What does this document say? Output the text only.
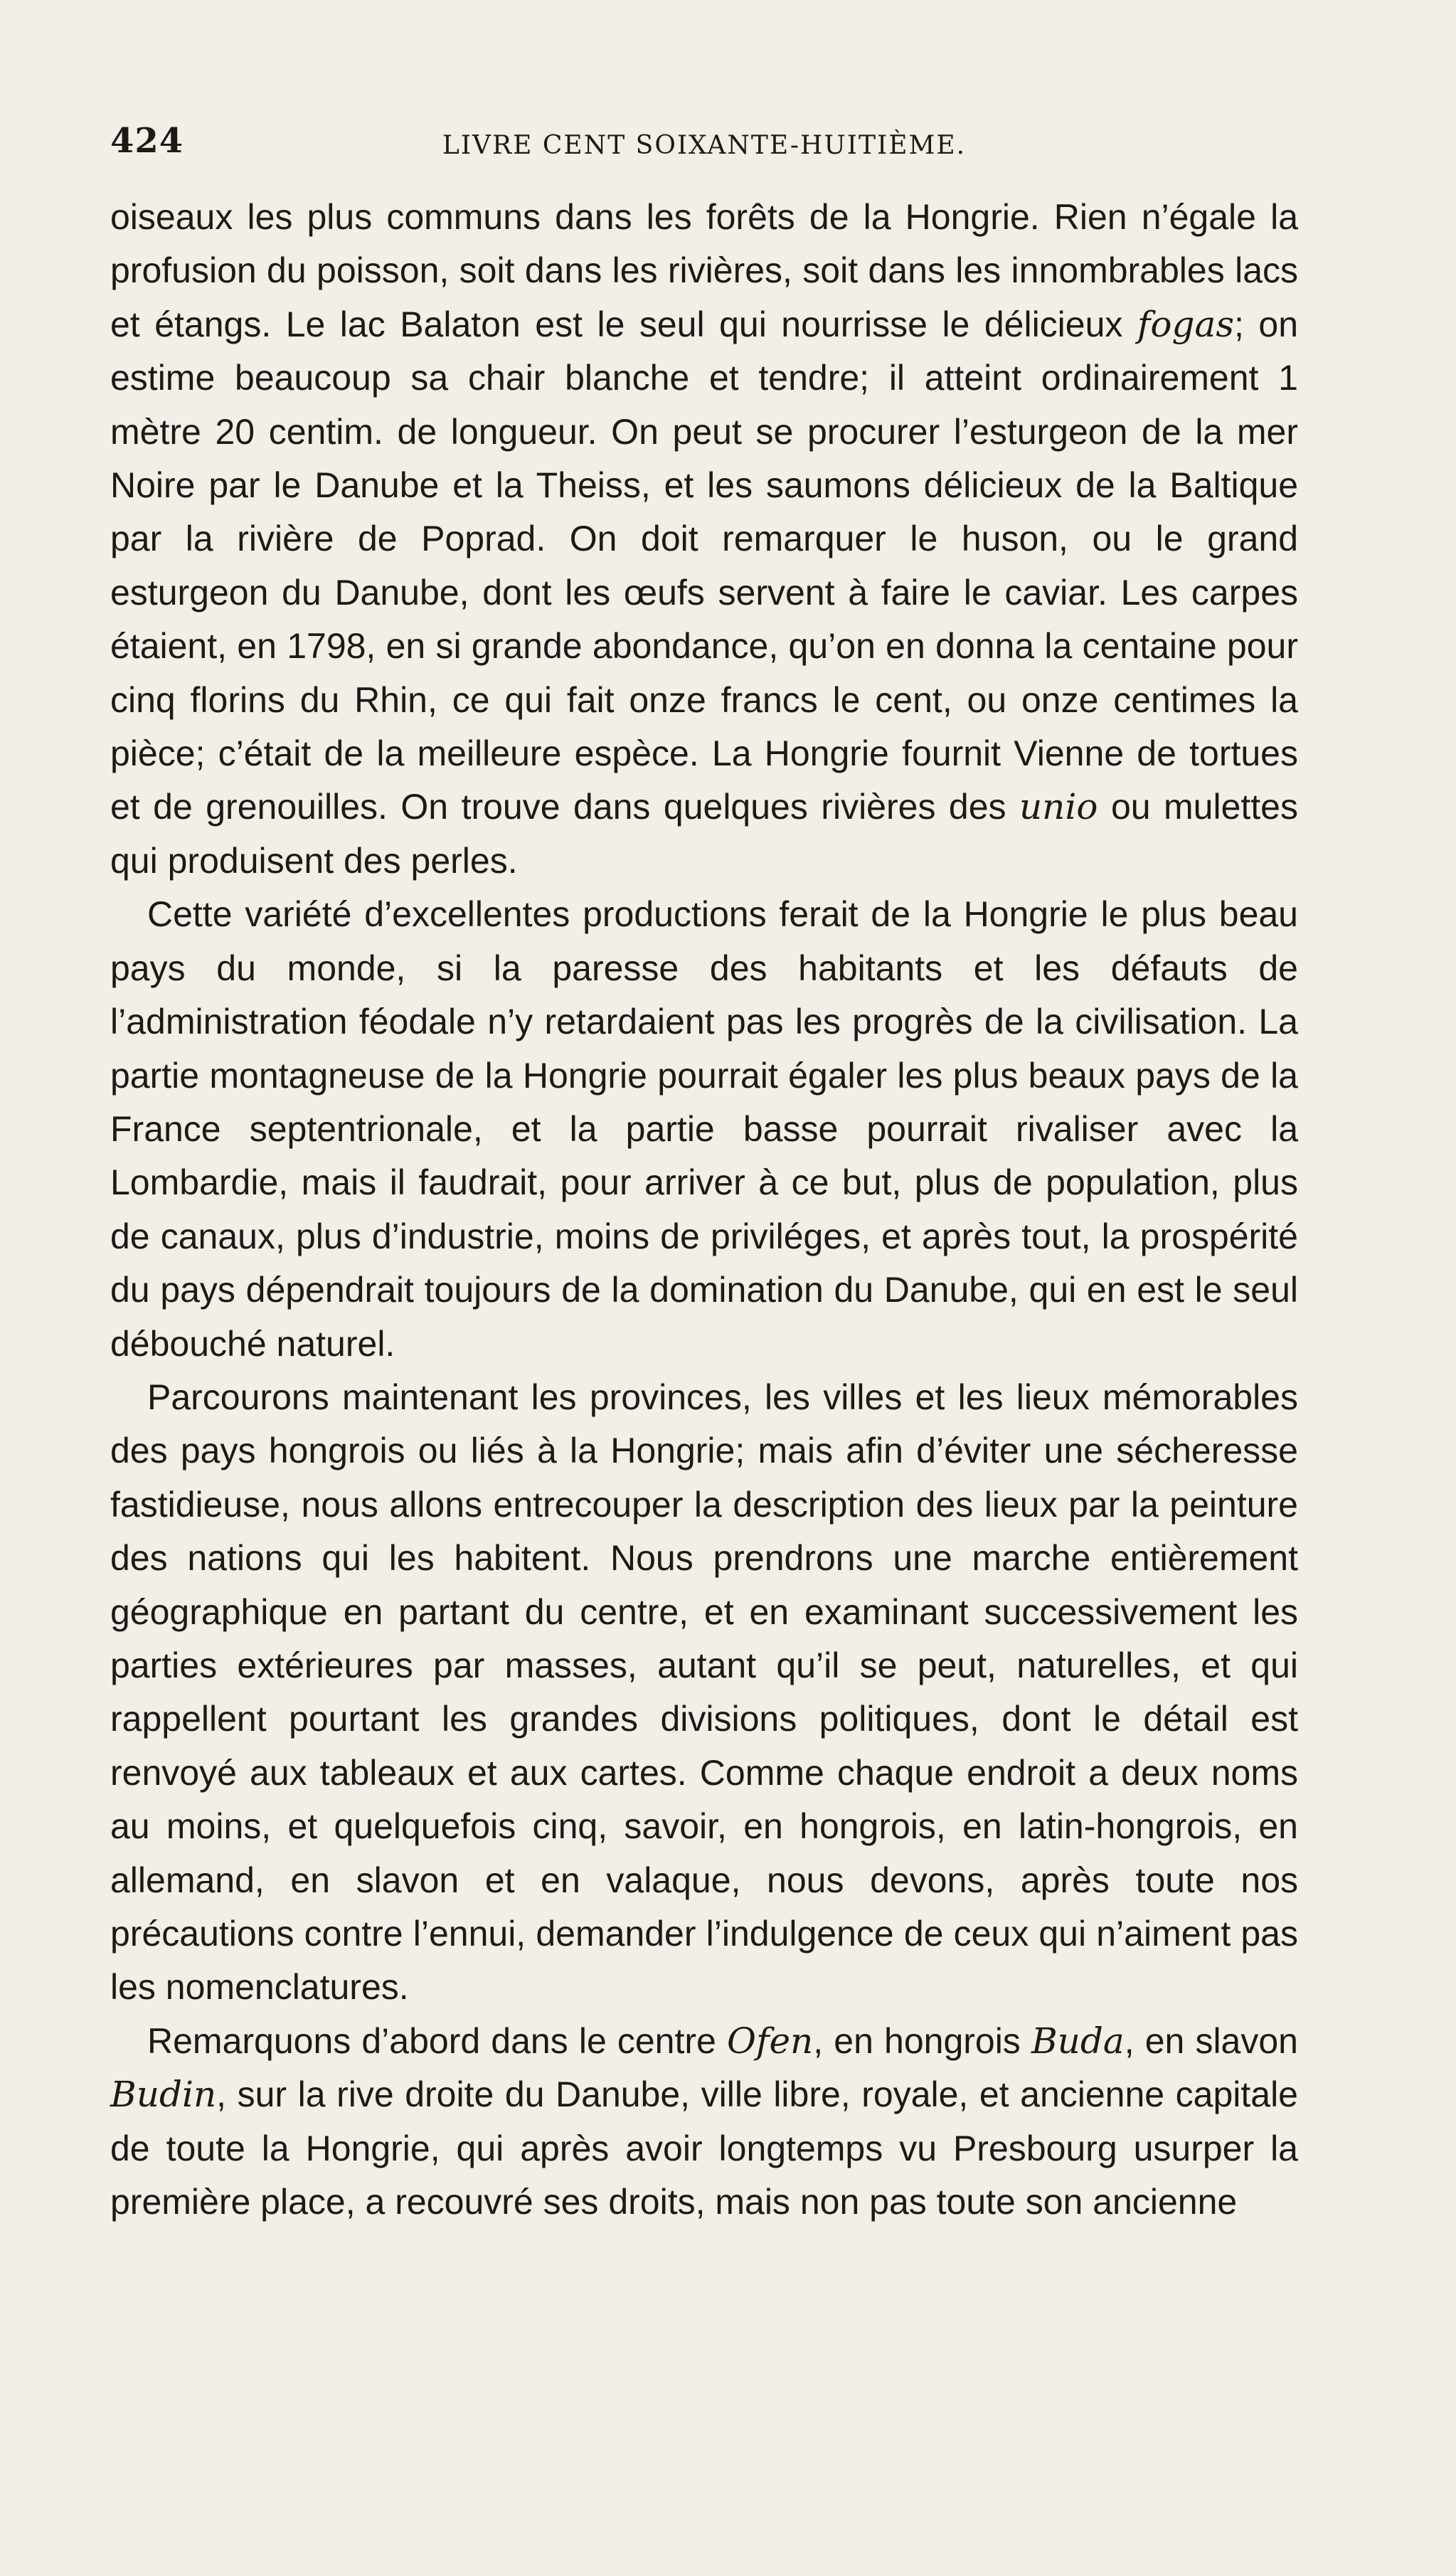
424	LIVRE CENT SOIXANTE-HUITIÈME.

oiseaux les plus communs dans les forêts de la Hongrie. Rien n’égale la profusion du poisson, soit dans les rivières, soit dans les innombrables lacs et étangs. Le lac Balaton est le seul qui nourrisse le délicieux fogas; on estime beaucoup sa chair blanche et tendre; il atteint ordinairement 1 mètre 20 centim. de longueur. On peut se procurer l’esturgeon de la mer Noire par le Danube et la Theiss, et les saumons délicieux de la Baltique par la rivière de Poprad. On doit remarquer le huson, ou le grand esturgeon du Danube, dont les œufs servent à faire le caviar. Les carpes étaient, en 1798, en si grande abondance, qu’on en donna la centaine pour cinq florins du Rhin, ce qui fait onze francs le cent, ou onze centimes la pièce; c’était de la meilleure espèce. La Hongrie fournit Vienne de tortues et de grenouilles. On trouve dans quelques rivières des unio ou mulettes qui produisent des perles.

Cette variété d’excellentes productions ferait de la Hongrie le plus beau pays du monde, si la paresse des habitants et les défauts de l’administration féodale n’y retardaient pas les progrès de la civilisation. La partie montagneuse de la Hongrie pourrait égaler les plus beaux pays de la France septentrionale, et la partie basse pourrait rivaliser avec la Lombardie, mais il faudrait, pour arriver à ce but, plus de population, plus de canaux, plus d’industrie, moins de priviléges, et après tout, la prospérité du pays dépendrait toujours de la domination du Danube, qui en est le seul débouché naturel.

Parcourons maintenant les provinces, les villes et les lieux mémorables des pays hongrois ou liés à la Hongrie; mais afin d’éviter une sécheresse fastidieuse, nous allons entrecouper la description des lieux par la peinture des nations qui les habitent. Nous prendrons une marche entièrement géographique en partant du centre, et en examinant successivement les parties extérieures par masses, autant qu’il se peut, naturelles, et qui rappellent pourtant les grandes divisions politiques, dont le détail est renvoyé aux tableaux et aux cartes. Comme chaque endroit a deux noms au moins, et quelquefois cinq, savoir, en hongrois, en latin-hongrois, en allemand, en slavon et en valaque, nous devons, après toute nos précautions contre l’ennui, demander l’indulgence de ceux qui n’aiment pas les nomenclatures.

Remarquons d’abord dans le centre Ofen, en hongrois Buda, en slavon Budin, sur la rive droite du Danube, ville libre, royale, et ancienne capitale de toute la Hongrie, qui après avoir longtemps vu Presbourg usurper la première place, a recouvré ses droits, mais non pas toute son ancienne
